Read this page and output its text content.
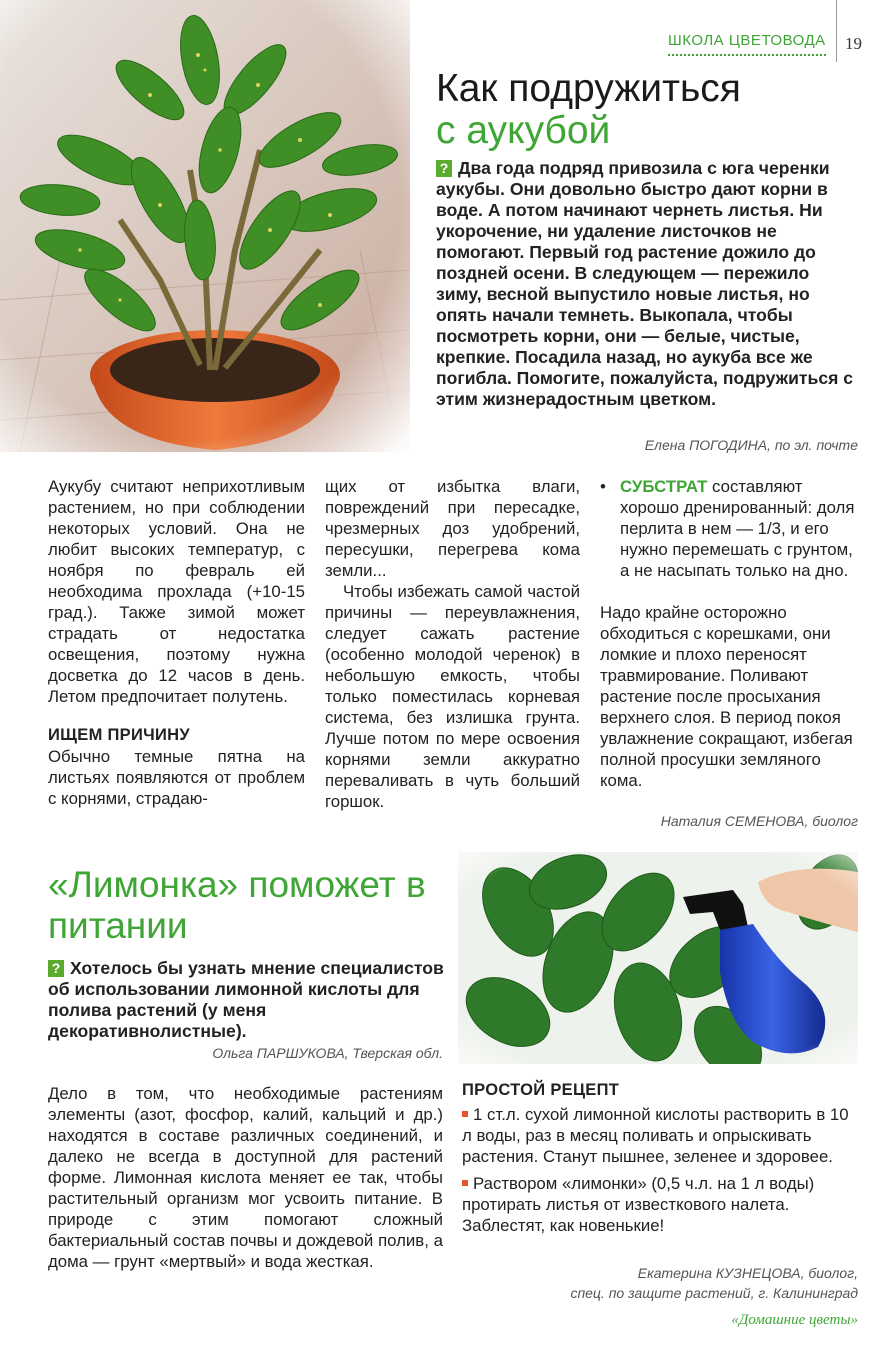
ШКОЛА ЦВЕТОВОДА 19
Как подружиться
с аукубой
? Два года подряд привозила с юга черенки аукубы. Они довольно быстро дают корни в воде. А потом начинают чернеть листья. Ни укорочение, ни удаление листочков не помогают. Первый год растение дожило до поздней осени. В следующем — пережило зиму, весной выпустило новые листья, но опять начали темнеть. Выкопала, чтобы посмотреть корни, они — белые, чистые, крепкие. Посадила назад, но аукуба все же погибла. Помогите, пожалуйста, подружиться с этим жизнерадостным цветком.
Елена ПОГОДИНА, по эл. почте

Аукубу считают неприхотливым растением, но при соблюдении некоторых условий. Она не любит высоких температур, с ноября по февраль ей необходима прохлада (+10-15 град.). Также зимой может страдать от недостатка освещения, поэтому нужна досветка до 12 часов в день. Летом предпочитает полутень.

ИЩЕМ ПРИЧИНУ

Обычно темные пятна на листьях появляются от проблем с корнями, страдаю-

щих от избытка влаги, повреждений при пересадке, чрезмерных доз удобрений, пересушки, перегрева кома земли...

Чтобы избежать самой частой причины — переувлажнения, следует сажать растение (особенно молодой черенок) в небольшую емкость, чтобы только поместилась корневая система, без излишка грунта. Лучше потом по мере освоения корнями земли аккуратно переваливать в чуть больший горшок.

• СУБСТРАТ составляют хорошо дренированный: доля перлита в нем — 1/3, и его нужно перемешать с грунтом, а не насыпать только на дно.

Надо крайне осторожно обходиться с корешками, они ломкие и плохо переносят травмирование. Поливают растение после просыхания верхнего слоя. В период покоя увлажнение сокращают, избегая полной просушки земляного кома.

Наталия СЕМЕНОВА, биолог
«Лимонка» поможет в питании
? Хотелось бы узнать мнение специалистов об использовании лимонной кислоты для полива растений (у меня декоративнолистные).
Ольга ПАРШУКОВА, Тверская обл.
Дело в том, что необходимые растениям элементы (азот, фосфор, калий, кальций и др.) находятся в составе различных соединений, и далеко не всегда в доступной для растений форме. Лимонная кислота меняет ее так, чтобы растительный организм мог усвоить питание. В природе с этим помогают сложный бактериальный состав почвы и дождевой полив, а дома — грунт «мертвый» и вода жесткая.

ПРОСТОЙ РЕЦЕПТ

1 ст.л. сухой лимонной кислоты растворить в 10 л воды, раз в месяц поливать и опрыскивать растения. Станут пышнее, зеленее и здоровее.

Раствором «лимонки» (0,5 ч.л. на 1 л воды) протирать листья от известкового налета. Заблестят, как новенькие!

Екатерина КУЗНЕЦОВА, биолог,
спец. по защите растений, г. Калининград
«Домашние цветы»
